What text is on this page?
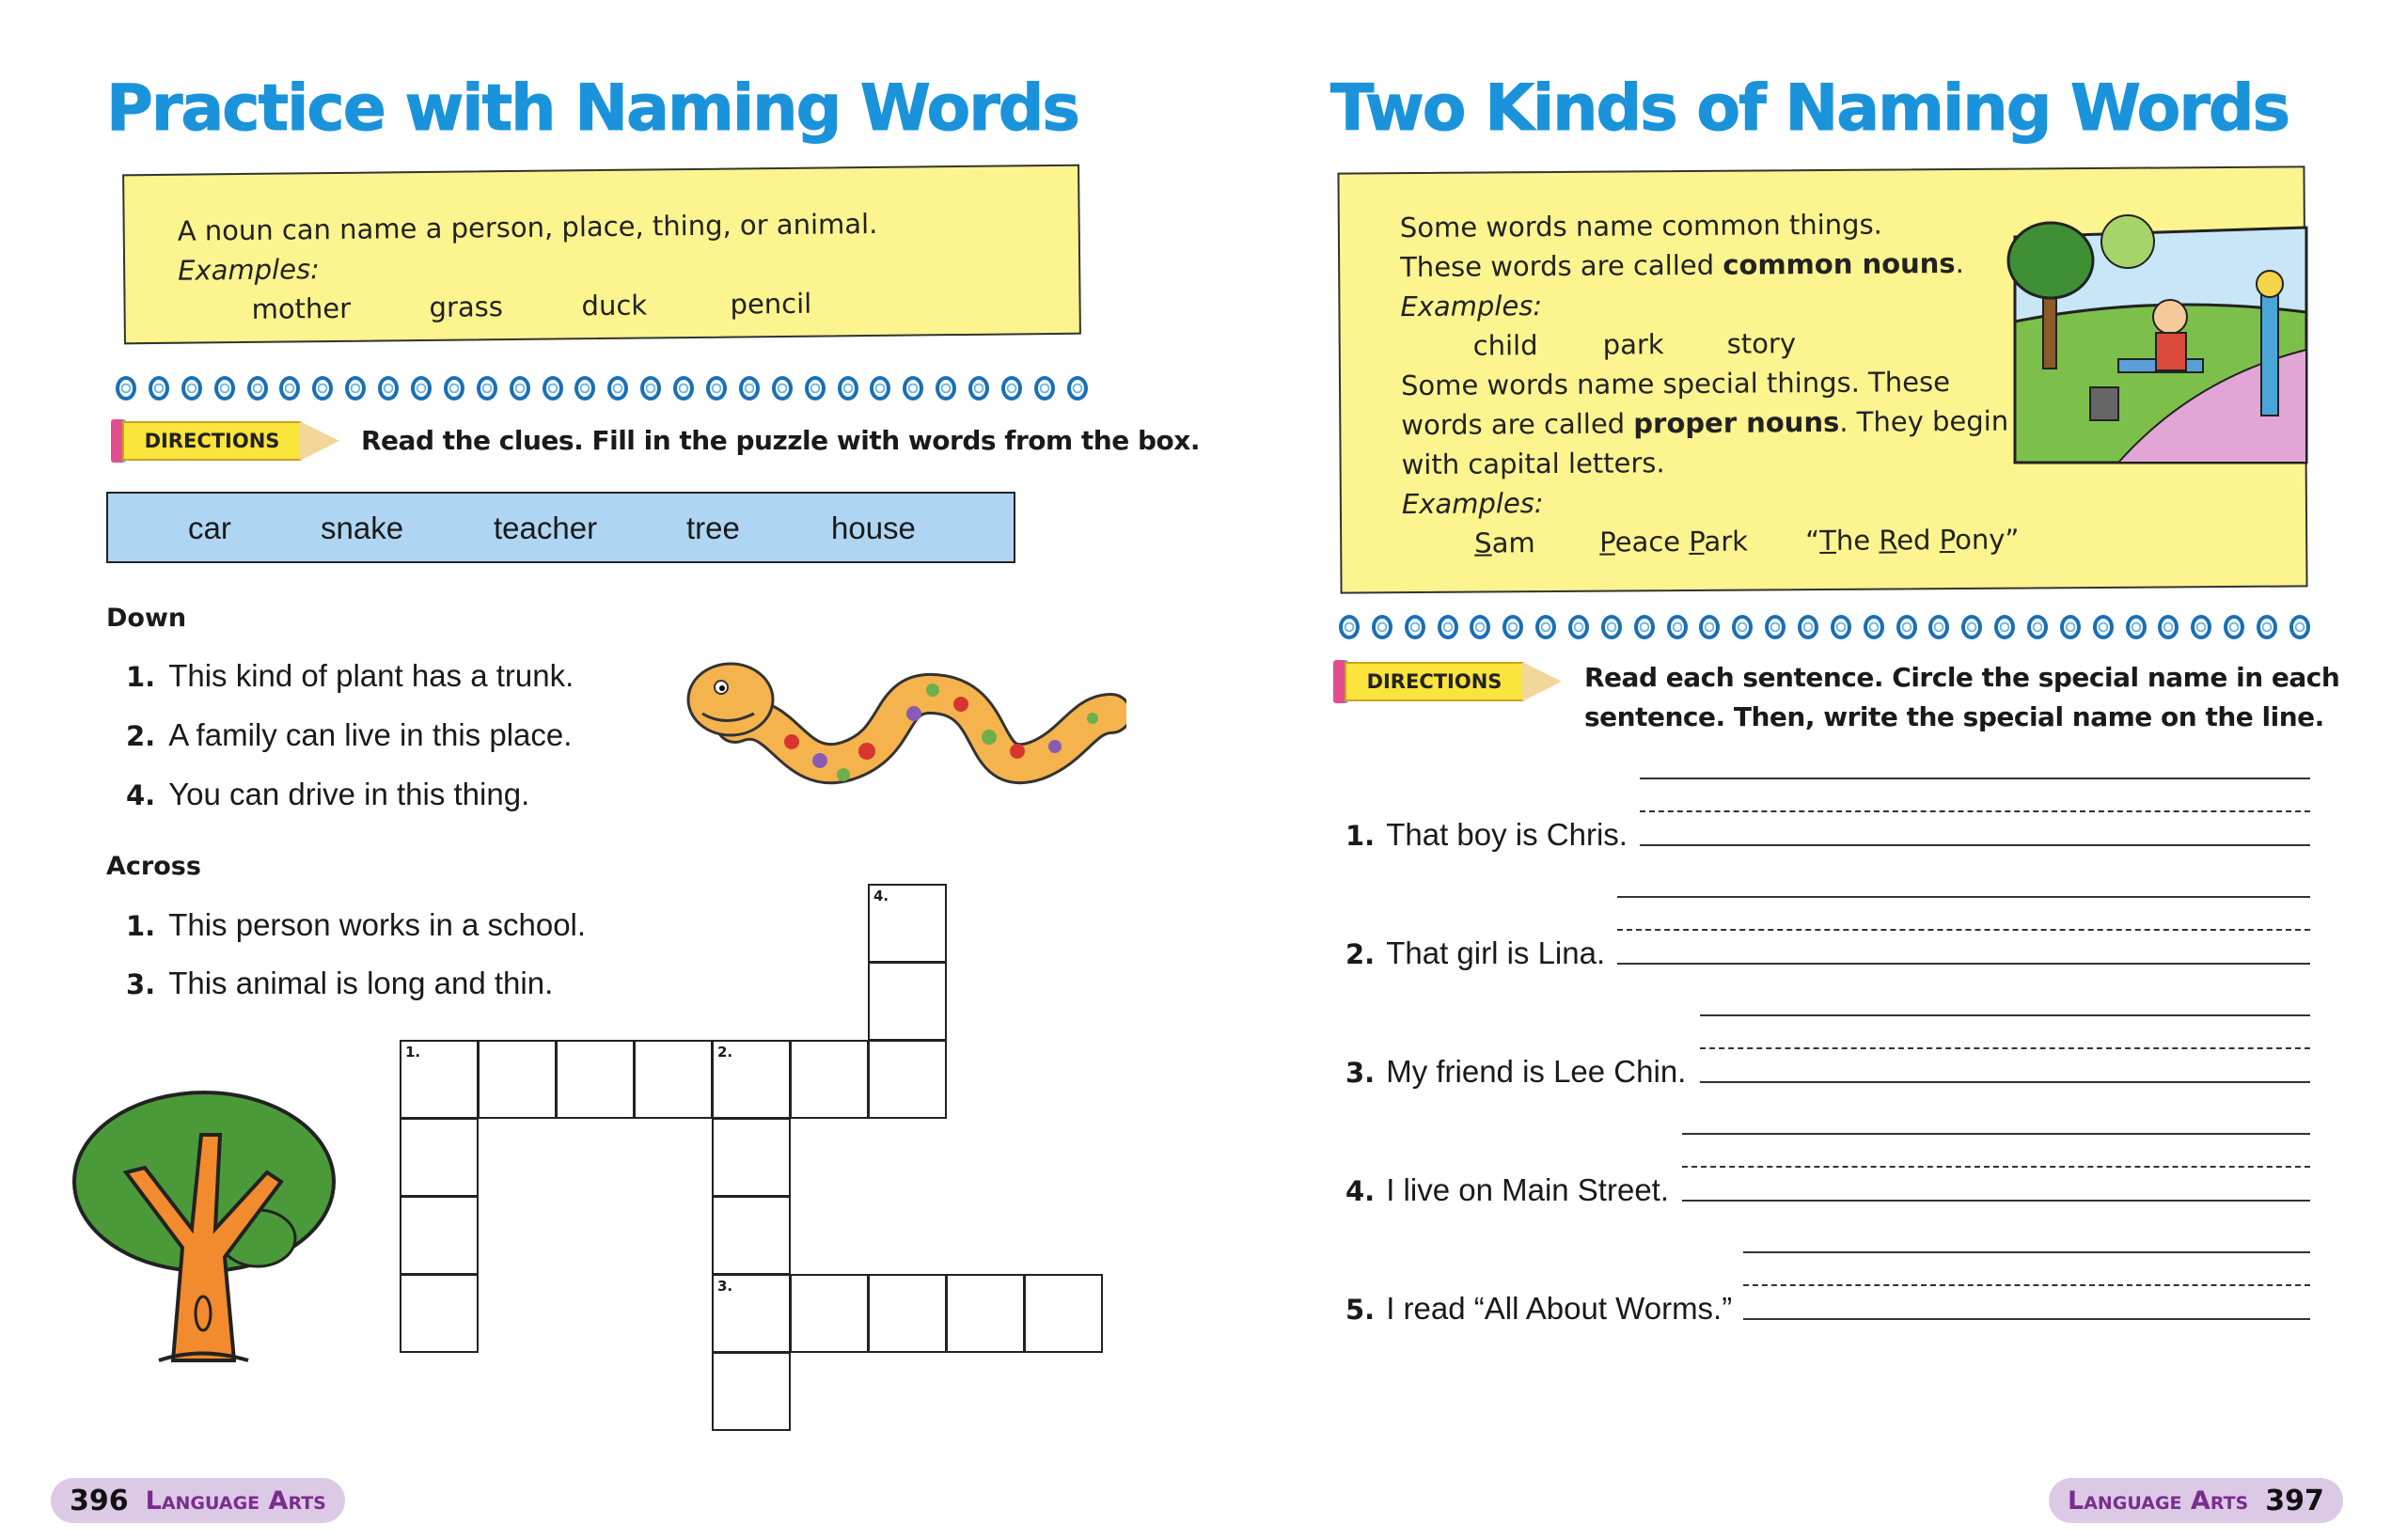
Practice with Naming Words
A noun can name a person, place, thing, or animal.
Examples:
mother	grass	duck	pencil
DIRECTIONS	Read the clues. Fill in the puzzle with words from the box.
car	snake	teacher	tree	house
Down
1. This kind of plant has a trunk.
2. A family can live in this place.
4. You can drive in this thing.
Across
1. This person works in a school.
3. This animal is long and thin.
4.
1.	2.
3.
396 Language Arts
Two Kinds of Naming Words
Some words name common things.
These words are called common nouns.
Examples:
child park story
Some words name special things. These
words are called proper nouns. They begin
with capital letters.
Examples:
Sam Peace Park “The Red Pony”
DIRECTIONS	Read each sentence. Circle the special name in each
sentence. Then, write the special name on the line.
1. That boy is Chris.
2. That girl is Lina.
3. My friend is Lee Chin.
4. I live on Main Street.
5. I read “All About Worms.”
Language Arts 397
